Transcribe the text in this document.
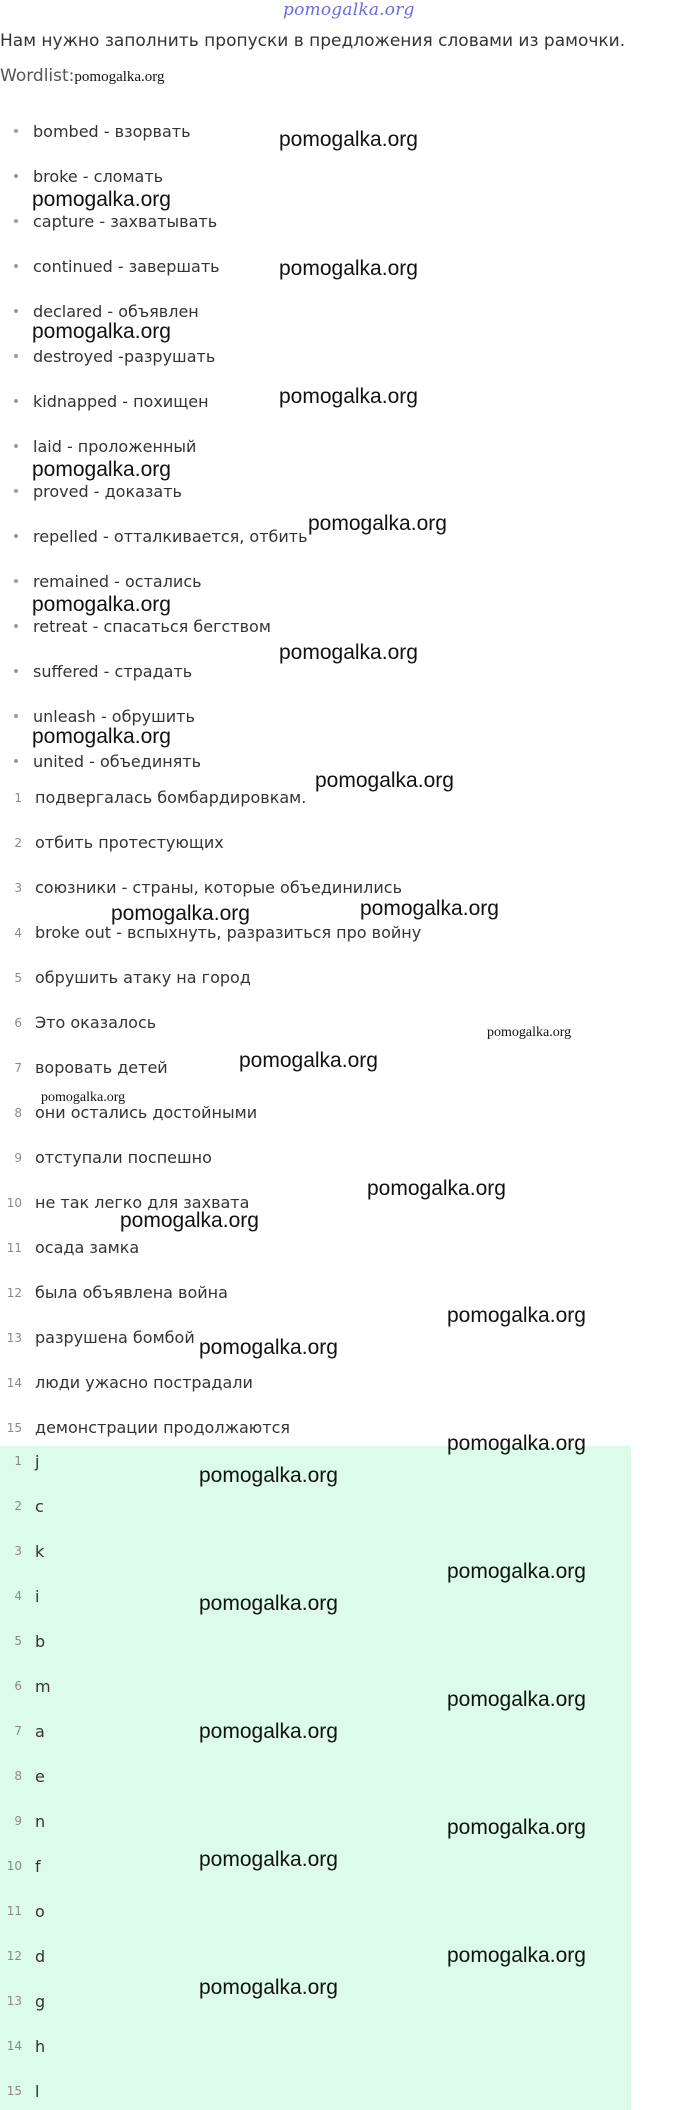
pomogalka.org
Нам нужно заполнить пропуски в предложения словами из рамочки.
Wordlist:pomogalka.org
bombed - взорвать
broke - сломать
capture - захватывать
continued - завершать
declared - объявлен
destroyed -разрушать
kidnapped - похищен
laid - проложенный
proved - доказать
repelled - отталкивается, отбить
remained - остались
retreat - спасаться бегством
suffered - страдать
unleash - обрушить
united - объединять
1 подвергалась бомбардировкам.
2 отбить протестующих
3 союзники - страны, которые объединились
4 broke out - вспыхнуть, разразиться про войну
5 обрушить атаку на город
6 Это оказалось
7 воровать детей
8 они остались достойными
9 отступали поспешно
10 не так легко для захвата
11 осада замка
12 была объявлена война
13 разрушена бомбой
14 люди ужасно пострадали
15 демонстрации продолжаются
1 j
2 c
3 k
4 i
5 b
6 m
7 a
8 e
9 n
10 f
11 o
12 d
13 g
14 h
15 l
pomogalka.org
pomogalka.org
pomogalka.org
pomogalka.org
pomogalka.org
pomogalka.org
pomogalka.org
pomogalka.org
pomogalka.org
pomogalka.org
pomogalka.org
pomogalka.org	pomogalka.org
pomogalka.org
pomogalka.org
pomogalka.org
pomogalka.org
pomogalka.org
pomogalka.org
pomogalka.org
pomogalka.org
pomogalka.org
pomogalka.org
pomogalka.org
pomogalka.org
pomogalka.org
pomogalka.org
pomogalka.org
pomogalka.org
pomogalka.org
